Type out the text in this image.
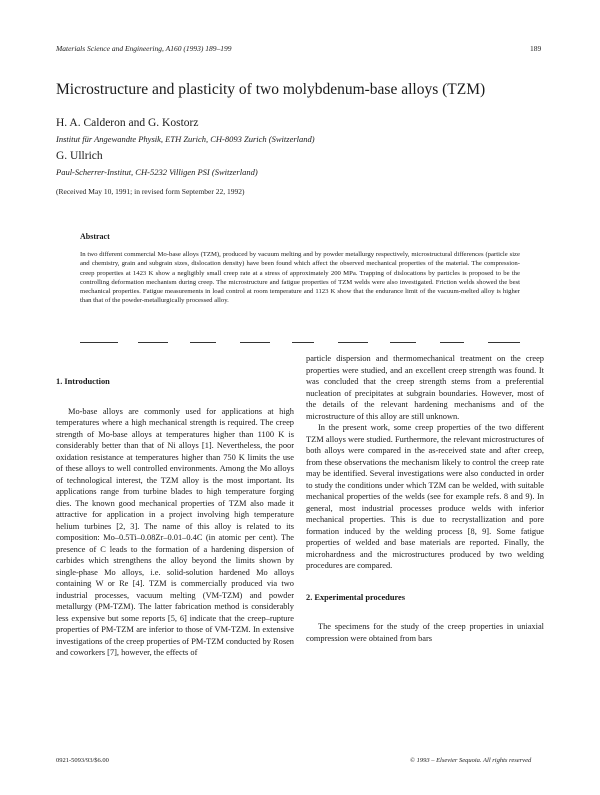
Materials Science and Engineering, A160 (1993) 189–199	189
Microstructure and plasticity of two molybdenum-base alloys (TZM)
H. A. Calderon and G. Kostorz
Institut für Angewandte Physik, ETH Zurich, CH-8093 Zurich (Switzerland)
G. Ullrich
Paul-Scherrer-Institut, CH-5232 Villigen PSI (Switzerland)
(Received May 10, 1991; in revised form September 22, 1992)
Abstract
In two different commercial Mo-base alloys (TZM), produced by vacuum melting and by powder metallurgy respectively, microstructural differences (particle size and chemistry, grain and subgrain sizes, dislocation density) have been found which affect the observed mechanical properties of the material. The compression-creep properties at 1423 K show a negligibly small creep rate at a stress of approximately 200 MPa. Trapping of dislocations by particles is proposed to be the controlling deformation mechanism during creep. The microstructure and fatigue properties of TZM welds were also investigated. Friction welds showed the best mechanical properties. Fatigue measurements in load control at room temperature and 1123 K show that the endurance limit of the vacuum-melted alloy is higher than that of the powder-metallurgically processed alloy.

1. Introduction

Mo-base alloys are commonly used for applications at high temperatures where a high mechanical strength is required. The creep strength of Mo-base alloys at temperatures higher than 1100 K is considerably better than that of Ni alloys [1]. Nevertheless, the poor oxidation resistance at temperatures higher than 750 K limits the use of these alloys to well controlled environments. Among the Mo alloys of technological interest, the TZM alloy is the most important. Its applications range from turbine blades to high temperature forging dies. The known good mechanical properties of TZM also made it attractive for application in a project involving high temperature helium turbines [2, 3]. The name of this alloy is related to its composition: Mo–0.5Ti–0.08Zr–0.01–0.4C (in atomic per cent). The presence of C leads to the formation of a hardening dispersion of carbides which strengthens the alloy beyond the limits shown by single-phase Mo alloys, i.e. solid-solution hardened Mo alloys containing W or Re [4]. TZM is commercially produced via two industrial processes, vacuum melting (VM-TZM) and powder metallurgy (PM-TZM). The latter fabrication method is considerably less expensive but some reports [5, 6] indicate that the creep–rupture properties of PM-TZM are inferior to those of VM-TZM. In extensive investigations of the creep properties of PM-TZM conducted by Rosen and coworkers [7], however, the effects of

particle dispersion and thermomechanical treatment on the creep properties were studied, and an excellent creep strength was found. It was concluded that the creep strength stems from a preferential nucleation of precipitates at subgrain boundaries. However, most of the details of the relevant hardening mechanisms and of the microstructure of this alloy are still unknown.

In the present work, some creep properties of the two different TZM alloys were studied. Furthermore, the relevant microstructures of both alloys were compared in the as-received state and after creep, from these observations the mechanism likely to control the creep rate may be identified. Several investigations were also conducted in order to study the conditions under which TZM can be welded, with suitable mechanical properties of the welds (see for example refs. 8 and 9). In general, most industrial processes produce welds with inferior mechanical properties. This is due to recrystallization and pore formation induced by the welding process [8, 9]. Some fatigue properties of welded and base materials are reported. Finally, the microhardness and the microstructures produced by two welding procedures are compared.

2. Experimental procedures

The specimens for the study of the creep properties in uniaxial compression were obtained from bars

0921-5093/93/$6.00	© 1993 – Elsevier Sequoia. All rights reserved
